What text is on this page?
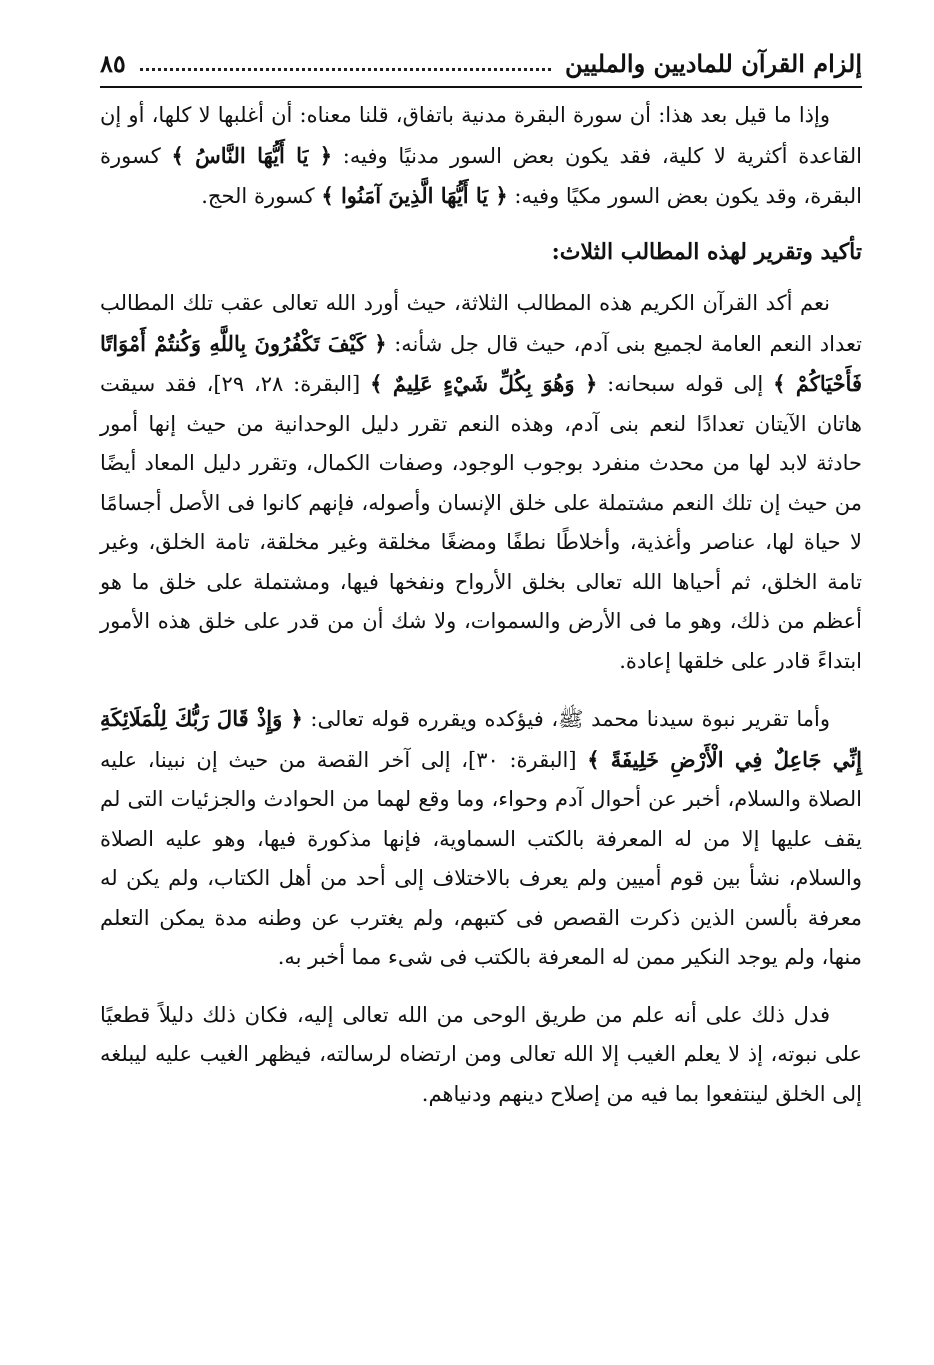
إلزام القرآن للماديين والمليين
٨٥

وإذا ما قيل بعد هذا: أن سورة البقرة مدنية باتفاق، قلنا معناه: أن أغلبها لا كلها، أو إن القاعدة أكثرية لا كلية، فقد يكون بعض السور مدنيًا وفيه: ﴿ يَا أَيُّهَا النَّاسُ ﴾ كسورة البقرة، وقد يكون بعض السور مكيًا وفيه: ﴿ يَا أَيُّهَا الَّذِينَ آمَنُوا ﴾ كسورة الحج.

تأكيد وتقرير لهذه المطالب الثلاث:

نعم أكد القرآن الكريم هذه المطالب الثلاثة، حيث أورد الله تعالى عقب تلك المطالب تعداد النعم العامة لجميع بنى آدم، حيث قال جل شأنه: ﴿ كَيْفَ تَكْفُرُونَ بِاللَّهِ وَكُنتُمْ أَمْوَاتًا فَأَحْيَاكُمْ ﴾ إلى قوله سبحانه: ﴿ وَهُوَ بِكُلِّ شَيْءٍ عَلِيمٌ ﴾ [البقرة: ٢٨، ٢٩]، فقد سيقت هاتان الآيتان تعدادًا لنعم بنى آدم، وهذه النعم تقرر دليل الوحدانية من حيث إنها أمور حادثة لابد لها من محدث منفرد بوجوب الوجود، وصفات الكمال، وتقرر دليل المعاد أيضًا من حيث إن تلك النعم مشتملة على خلق الإنسان وأصوله، فإنهم كانوا فى الأصل أجسامًا لا حياة لها، عناصر وأغذية، وأخلاطًا نطفًا ومضغًا مخلقة وغير مخلقة، تامة الخلق، وغير تامة الخلق، ثم أحياها الله تعالى بخلق الأرواح ونفخها فيها، ومشتملة على خلق ما هو أعظم من ذلك، وهو ما فى الأرض والسموات، ولا شك أن من قدر على خلق هذه الأمور ابتداءً قادر على خلقها إعادة.

وأما تقرير نبوة سيدنا محمد ﷺ، فيؤكده ويقرره قوله تعالى: ﴿ وَإِذْ قَالَ رَبُّكَ لِلْمَلَائِكَةِ إِنِّي جَاعِلٌ فِي الْأَرْضِ خَلِيفَةً ﴾ [البقرة: ٣٠]، إلى آخر القصة من حيث إن نبينا، عليه الصلاة والسلام، أخبر عن أحوال آدم وحواء، وما وقع لهما من الحوادث والجزئيات التى لم يقف عليها إلا من له المعرفة بالكتب السماوية، فإنها مذكورة فيها، وهو عليه الصلاة والسلام، نشأ بين قوم أميين ولم يعرف بالاختلاف إلى أحد من أهل الكتاب، ولم يكن له معرفة بألسن الذين ذكرت القصص فى كتبهم، ولم يغترب عن وطنه مدة يمكن التعلم منها، ولم يوجد النكير ممن له المعرفة بالكتب فى شىء مما أخبر به.

فدل ذلك على أنه علم من طريق الوحى من الله تعالى إليه، فكان ذلك دليلاً قطعيًا على نبوته، إذ لا يعلم الغيب إلا الله تعالى ومن ارتضاه لرسالته، فيظهر الغيب عليه ليبلغه إلى الخلق لينتفعوا بما فيه من إصلاح دينهم ودنياهم.
